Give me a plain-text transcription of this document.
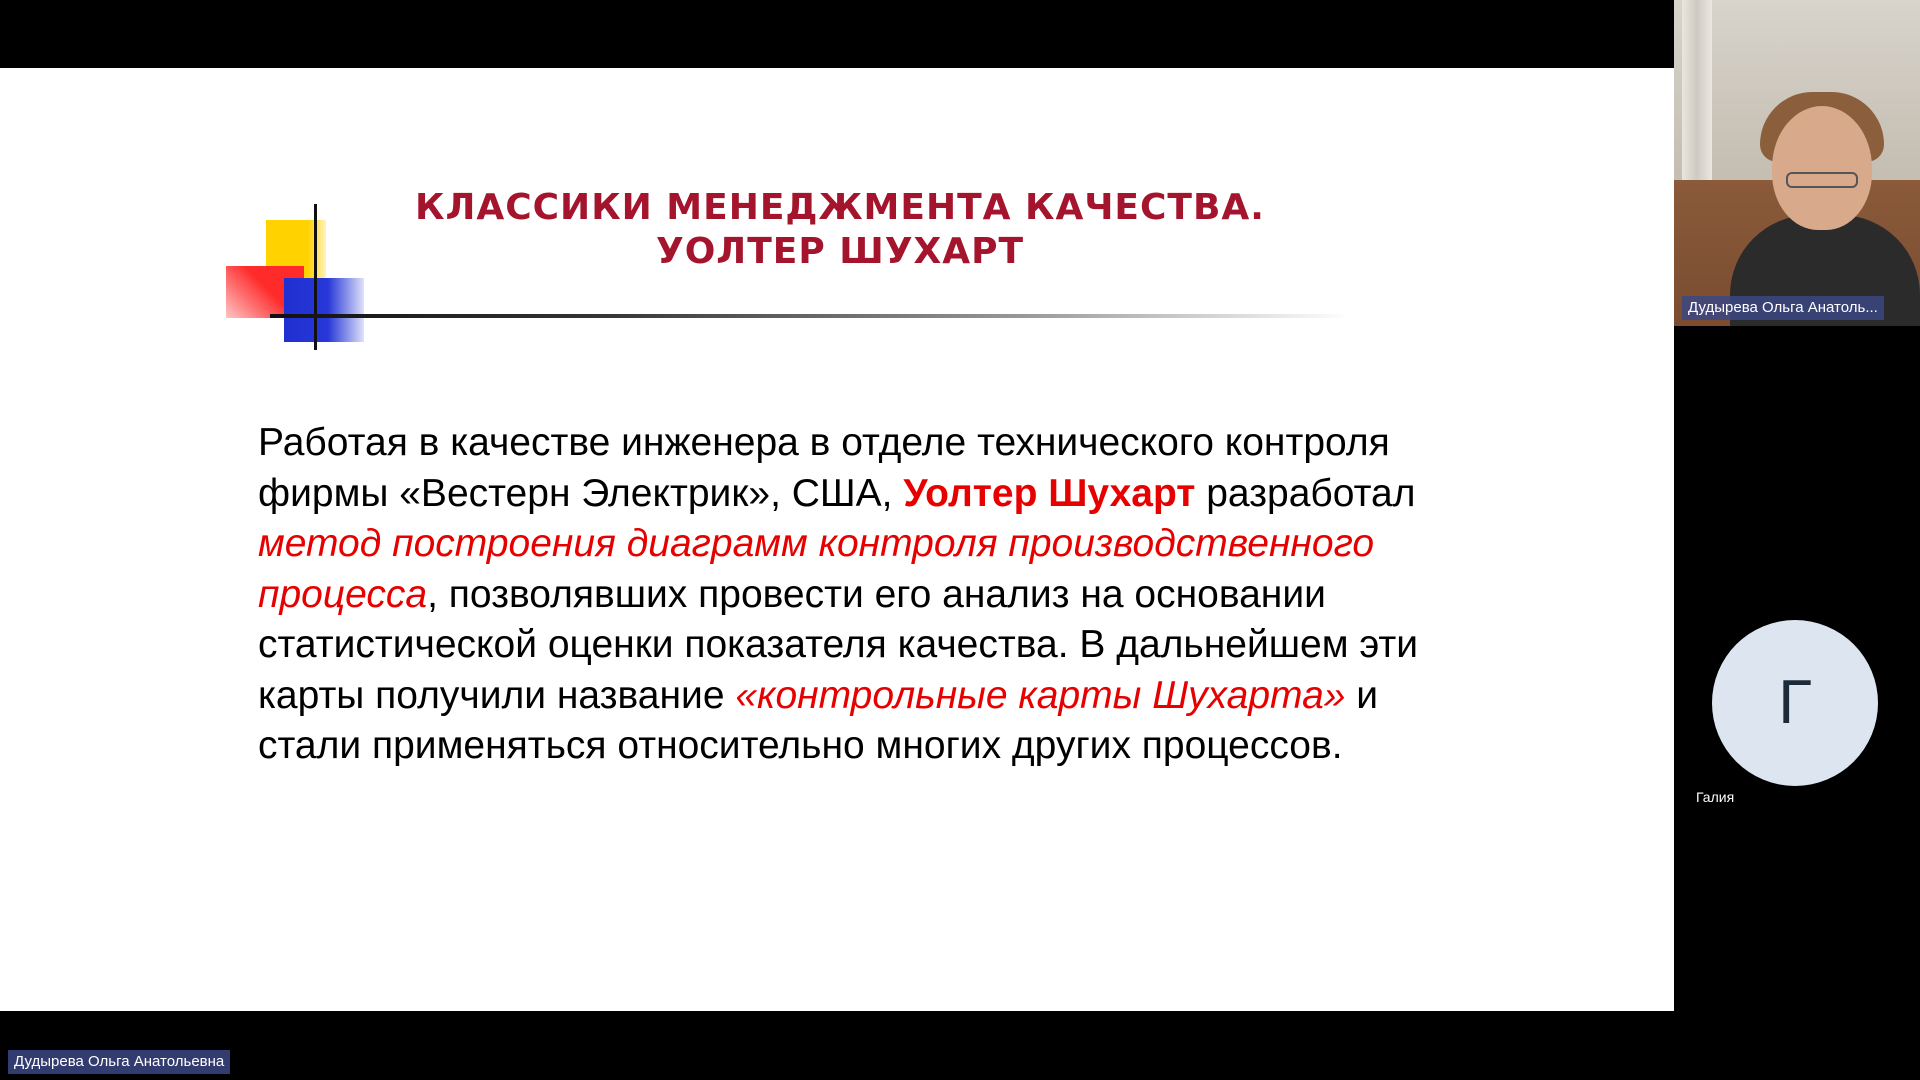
КЛАССИКИ МЕНЕДЖМЕНТА КАЧЕСТВА.
УОЛТЕР ШУХАРТ
Работая в качестве инженера в отделе технического контроля фирмы «Вестерн Электрик», США, Уолтер Шухарт разработал метод построения диаграмм контроля производственного процесса, позволявших провести его анализ на основании статистической оценки показателя качества. В дальнейшем эти карты получили название «контрольные карты Шухарта» и стали применяться относительно многих других процессов.
Дудырева Ольга Анатоль...
Г
Галия
Дудырева Ольга Анатольевна
